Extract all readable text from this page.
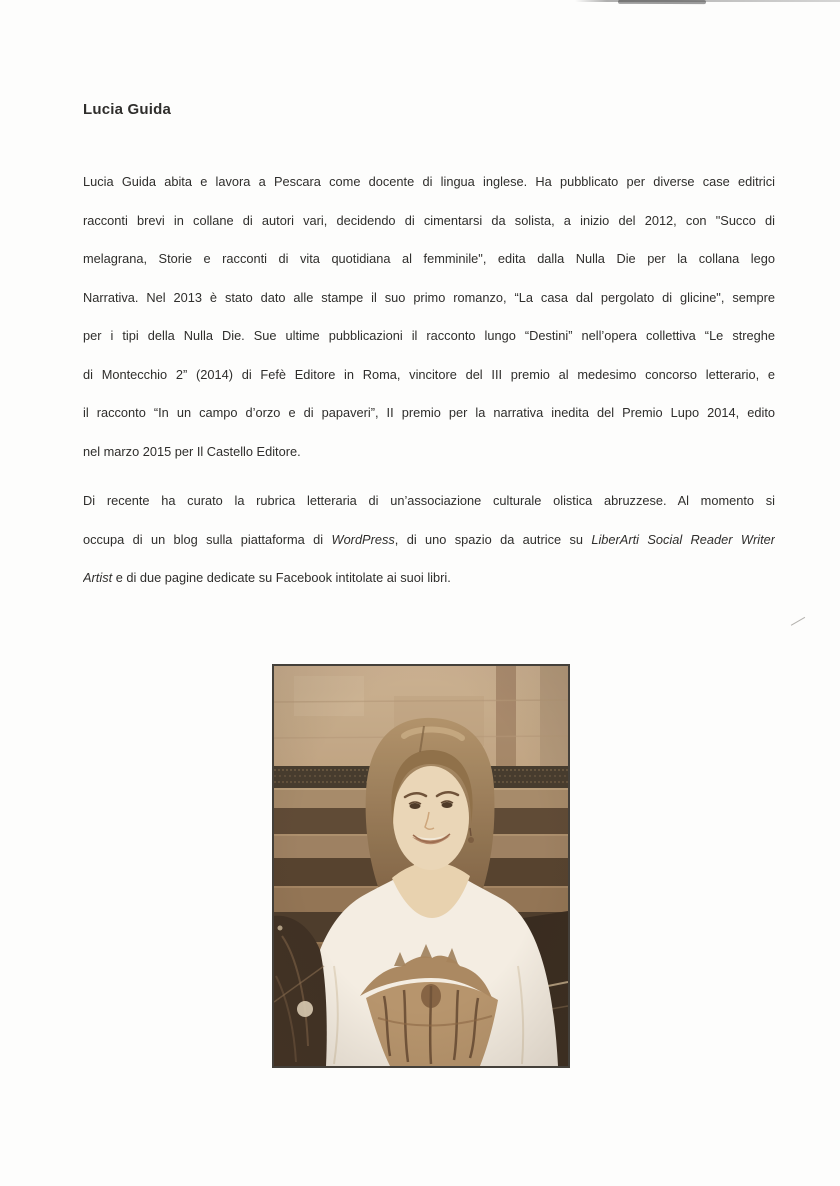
Lucia Guida
Lucia Guida abita e lavora a Pescara come docente di lingua inglese. Ha pubblicato per diverse case editrici
racconti brevi in collane di autori vari, decidendo di cimentarsi da solista, a inizio del 2012, con "Succo di
melagrana, Storie e racconti di vita quotidiana al femminile", edita dalla Nulla Die per la collana lego
Narrativa. Nel 2013 è stato dato alle stampe il suo primo romanzo, “La casa dal pergolato di glicine", sempre
per i tipi della Nulla Die. Sue ultime pubblicazioni il racconto lungo “Destini” nell’opera collettiva “Le streghe
di Montecchio 2” (2014) di Fefè Editore in Roma, vincitore del III premio al medesimo concorso letterario, e
il racconto “In un campo d’orzo e di papaveri”, II premio per la narrativa inedita del Premio Lupo 2014, edito
nel marzo 2015 per Il Castello Editore.
Di recente ha curato la rubrica letteraria di un’associazione culturale olistica abruzzese. Al momento si
occupa di un blog sulla piattaforma di WordPress, di uno spazio da autrice su LiberArti Social Reader Writer
Artist e di due pagine dedicate su Facebook intitolate ai suoi libri.
